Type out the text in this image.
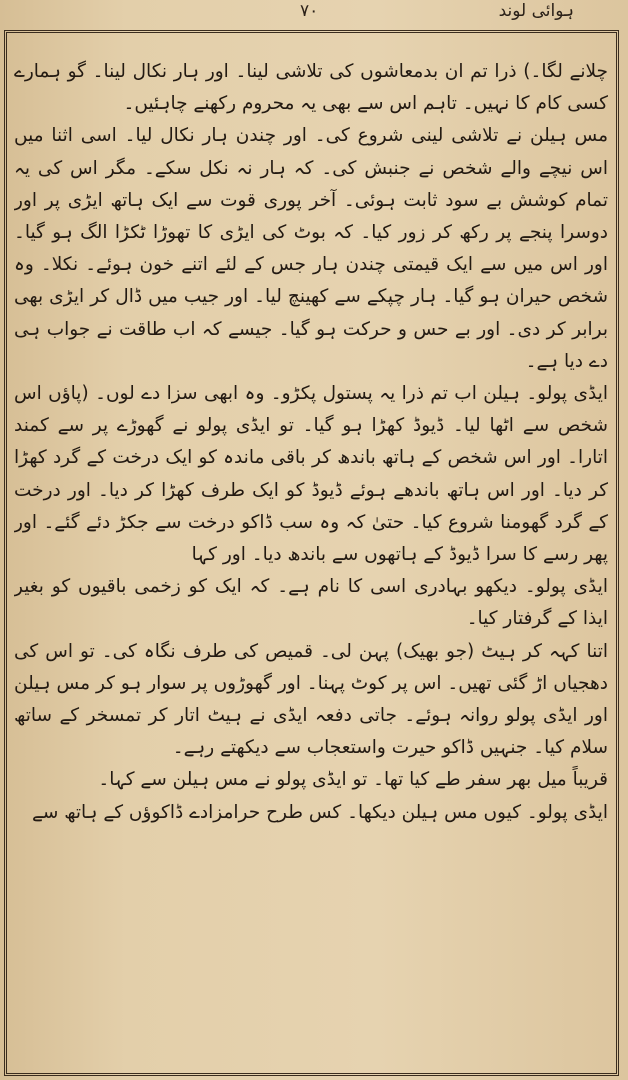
٧٠	ہوائی لوند

چلانے لگا۔) ذرا تم ان بدمعاشوں کی تلاشی لینا۔ اور ہار نکال لینا۔ گو ہمارے کسی کام کا نہیں۔ تاہم اس سے بھی یہ محروم رکھنے چاہئیں۔

مس ہیلن نے تلاشی لینی شروع کی۔ اور چندن ہار نکال لیا۔ اسی اثنا میں اس نیچے والے شخص نے جنبش کی۔ کہ ہار نہ نکل سکے۔ مگر اس کی یہ تمام کوشش بے سود ثابت ہوئی۔ آخر پوری قوت سے ایک ہاتھ ایڑی پر اور دوسرا پنجے پر رکھ کر زور کیا۔ کہ بوٹ کی ایڑی کا تھوڑا ٹکڑا الگ ہو گیا۔ اور اس میں سے ایک قیمتی چندن ہار جس کے لئے اتنے خون ہوئے۔ نکلا۔ وہ شخص حیران ہو گیا۔ ہار چپکے سے کھینچ لیا۔ اور جیب میں ڈال کر ایڑی بھی برابر کر دی۔ اور بے حس و حرکت ہو گیا۔ جیسے کہ اب طاقت نے جواب ہی دے دیا ہے۔

ایڈی پولو۔ ہیلن اب تم ذرا یہ پستول پکڑو۔ وہ ابھی سزا دے لوں۔ (پاؤں اس شخص سے اٹھا لیا۔ ڈیوڈ کھڑا ہو گیا۔ تو ایڈی پولو نے گھوڑے پر سے کمند اتارا۔ اور اس شخص کے ہاتھ باندھ کر باقی ماندہ کو ایک درخت کے گرد کھڑا کر دیا۔ اور اس ہاتھ باندھے ہوئے ڈیوڈ کو ایک طرف کھڑا کر دیا۔ اور درخت کے گرد گھومنا شروع کیا۔ حتیٰ کہ وہ سب ڈاکو درخت سے جکڑ دئے گئے۔ اور پھر رسے کا سرا ڈیوڈ کے ہاتھوں سے باندھ دیا۔ اور کہا

ایڈی پولو۔ دیکھو بہادری اسی کا نام ہے۔ کہ ایک کو زخمی باقیوں کو بغیر ایذا کے گرفتار کیا۔

اتنا کہہ کر ہیٹ (جو بھیک) پہن لی۔ قمیص کی طرف نگاہ کی۔ تو اس کی دھجیاں اڑ گئی تھیں۔ اس پر کوٹ پہنا۔ اور گھوڑوں پر سوار ہو کر مس ہیلن اور ایڈی پولو روانہ ہوئے۔ جاتی دفعہ ایڈی نے ہیٹ اتار کر تمسخر کے ساتھ سلام کیا۔ جنہیں ڈاکو حیرت واستعجاب سے دیکھتے رہے۔

قریباً میل بھر سفر طے کیا تھا۔ تو ایڈی پولو نے مس ہیلن سے کہا۔

ایڈی پولو۔ کیوں مس ہیلن دیکھا۔ کس طرح حرامزادے ڈاکوؤں کے ہاتھ سے
